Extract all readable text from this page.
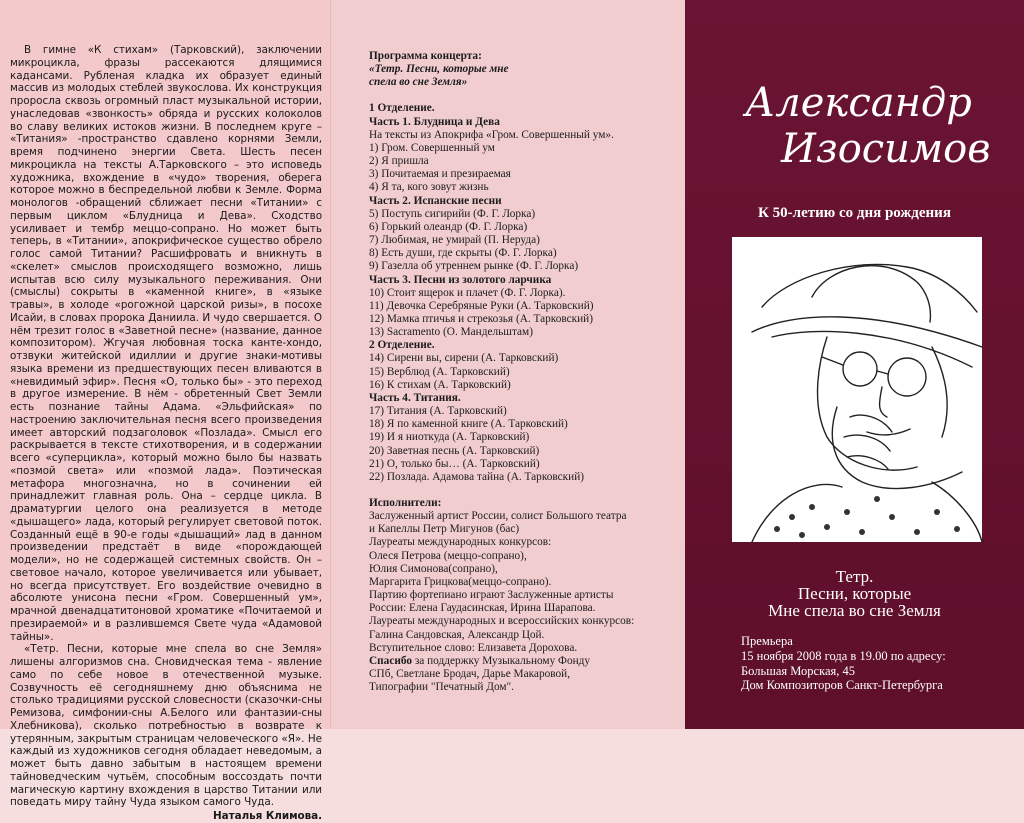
В гимне «К стихам» (Тарковский), заключении микроцикла, фразы рассекаются длящимися кадансами. Рубленая кладка их образует единый массив из молодых стеблей звукослова. Их конструкция проросла сквозь огромный пласт музыкальной истории, унаследовав «звонкость» обряда и русских колоколов во славу великих истоков жизни. В последнем круге – «Титания» -пространство сдавлено корнями Земли, время подчинено энергии Света. Шесть песен микроцикла на тексты А.Тарковского – это исповедь художника, вхождение в «чудо» творения, оберега которое можно в беспредельной любви к Земле. Форма монологов -обращений сближает песни «Титании» с первым циклом «Блудница и Дева». Сходство усиливает и тембр меццо-сопрано. Но может быть теперь, в «Титании», апокрифическое существо обрело голос самой Титании? Расшифровать и вникнуть в «скелет» смыслов происходящего возможно, лишь испытав всю силу музыкального переживания. Они (смыслы) сокрыты в «каменной книге», в «языке травы», в холоде «рогожной царской ризы», в посохе Исайи, в словах пророка Даниила. И чудо свершается. О нём трезит голос в «Заветной песне» (название, данное композитором). Жгучая любовная тоска канте-хондо, отзвуки житейской идиллии и другие знаки-мотивы языка времени из предшествующих песен вливаются в «невидимый эфир». Песня «О, только бы» - это переход в другое измерение. В нём - обретенный Свет Земли есть познание тайны Адама. «Эльфийская» по настроению заключительная песня всего произведения имеет авторский подзаголовок «Позлада». Смысл его раскрывается в тексте стихотворения, и в содержании всего «суперцикла», который можно было бы назвать «позмой света» или «позмой лада». Поэтическая метафора многозначна, но в сочинении ей принадлежит главная роль. Она – сердце цикла. В драматургии целого она реализуется в методе «дышащего» лада, который регулирует световой поток. Созданный ещё в 90-е годы «дышащий» лад в данном произведении предстаёт в виде «порождающей модели», но не содержащей системных свойств. Он – световое начало, которое увеличивается или убывает, но всегда присутствует. Его воздействие очевидно в абсолюте унисона песни «Гром. Совершенный ум», мрачной двенадцатитоновой хроматике «Почитаемой и презираемой» и в разлившемся Свете чуда «Адамовой тайны».

«Тетр. Песни, которые мне спела во сне Земля» лишены алгоризмов сна. Сновидческая тема - явление само по себе новое в отечественной музыке. Созвучность её сегодняшнему дню объяснима не столько традициями русской словесности (сказочки-сны Ремизова, симфонии-сны А.Белого или фантазии-сны Хлебникова), сколько потребностью в возврате к утерянным, закрытым страницам человеческого «Я». Не каждый из художников сегодня обладает неведомым, а может быть давно забытым в настоящем времени тайноведческим чутьём, способным воссоздать почти магическую картину вхождения в царство Титании или поведать миру тайну Чуда языком самого Чуда.

Наталья Климова.

Программа концерта:
«Тетр. Песни, которые мне спела во сне Земля»
1 Отделение.
Часть 1. Блудница и Дева
На тексты из Апокрифа «Гром. Совершенный ум».
1) Гром. Совершенный ум
2) Я пришла
3) Почитаемая и презираемая
4) Я та, кого зовут жизнь
Часть 2. Испанские песни
5) Поступь сигирийи (Ф. Г. Лорка)
6) Горький олеандр (Ф. Г. Лорка)
7) Любимая, не умирай (П. Неруда)
8) Есть души, где скрыты (Ф. Г. Лорка)
9) Газелла об утреннем рынке (Ф. Г. Лорка)
Часть 3. Песни из золотого ларчика
10) Стоит ящерок и плачет (Ф. Г. Лорка).
11) Девочка Серебряные Руки (А. Тарковский)
12) Мамка птичья и стрекозья (А. Тарковский)
13) Sacramento (О. Мандельштам)
2 Отделение.
14) Сирени вы, сирени (А. Тарковский)
15) Верблюд (А. Тарковский)
16) К стихам (А. Тарковский)
Часть 4. Титания.
17) Титания (А. Тарковский)
18) Я по каменной книге (А. Тарковский)
19) И я ниоткуда (А. Тарковский)
20) Заветная песнь (А. Тарковский)
21) О, только бы… (А. Тарковский)
22) Позлада. Адамова тайна (А. Тарковский)
Исполнители:
Заслуженный артист России, солист Большого театра
и Капеллы Петр Мигунов (бас)
Лауреаты международных конкурсов:
Олеся Петрова (меццо-сопрано),
Юлия Симонова(сопрано),
Маргарита Грицкова(меццо-сопрано).
Партию фортепиано играют Заслуженные артисты
России: Елена Гаудасинская, Ирина Шарапова.
Лауреаты международных и всероссийских конкурсов:
Галина Сандовская, Александр Цой.
Вступительное слово: Елизавета Дорохова.
Спасибо за поддержку Музыкальному Фонду
СПб, Светлане Бродач, Дарье Макаровой,
Типографии "Печатный Дом".
Александр
Изосимов
К 50-летию со дня рождения
Тетр.
Песни, которые
Мне спела во сне Земля
Премьера
15 ноября 2008 года в 19.00 по адресу:
Большая Морская, 45
Дом Композиторов Санкт-Петербурга
